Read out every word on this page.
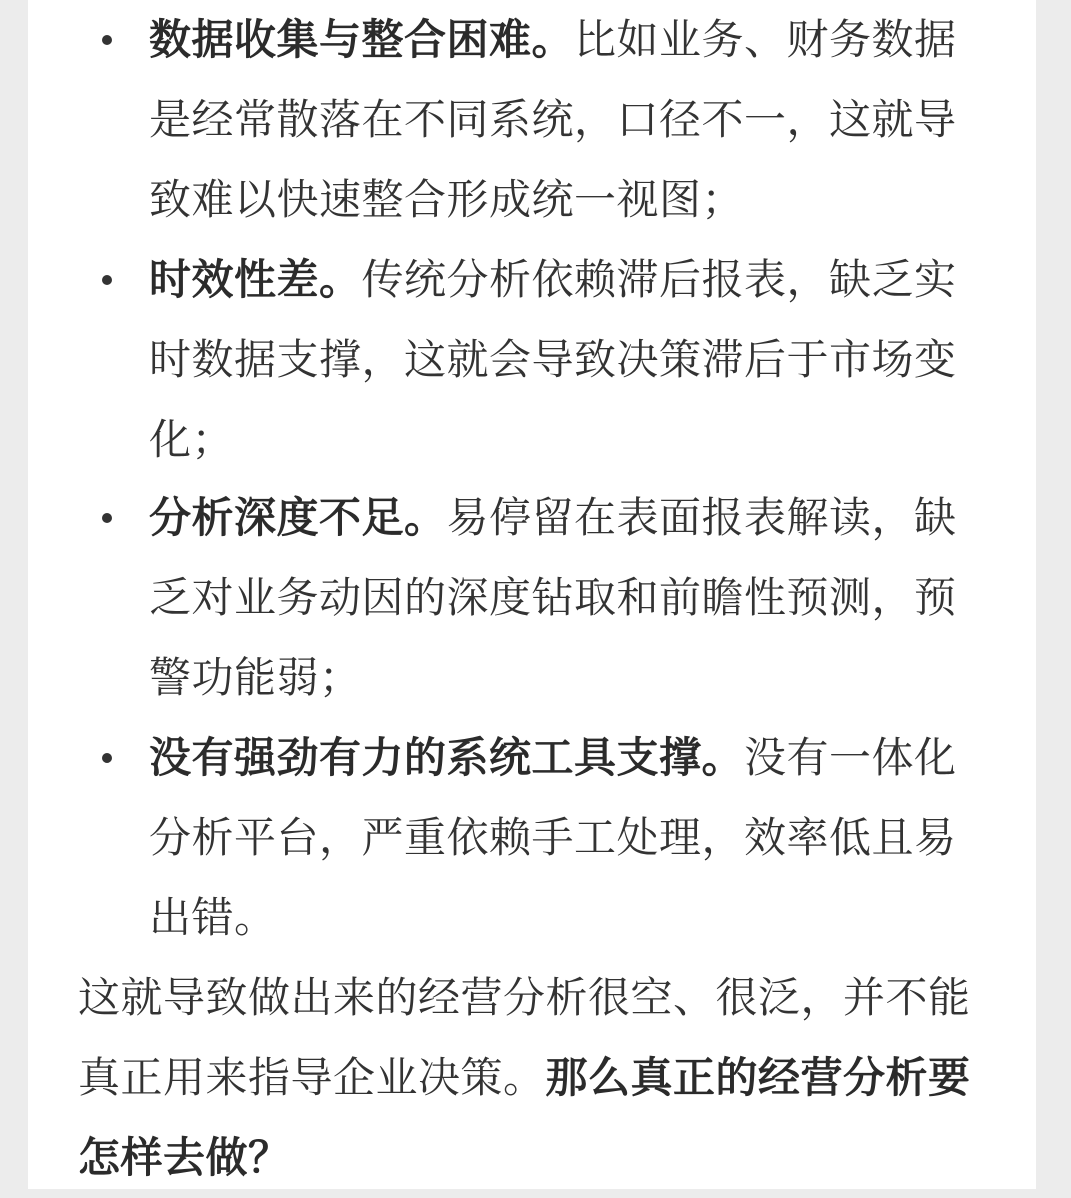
数据收集与整合困难。比如业务、财务数据是经常散落在不同系统，口径不一，这就导致难以快速整合形成统一视图；
时效性差。传统分析依赖滞后报表，缺乏实时数据支撑，这就会导致决策滞后于市场变化；
分析深度不足。易停留在表面报表解读，缺乏对业务动因的深度钻取和前瞻性预测，预警功能弱；
没有强劲有力的系统工具支撑。没有一体化分析平台，严重依赖手工处理，效率低且易出错。

这就导致做出来的经营分析很空、很泛，并不能真正用来指导企业决策。那么真正的经营分析要怎样去做？
